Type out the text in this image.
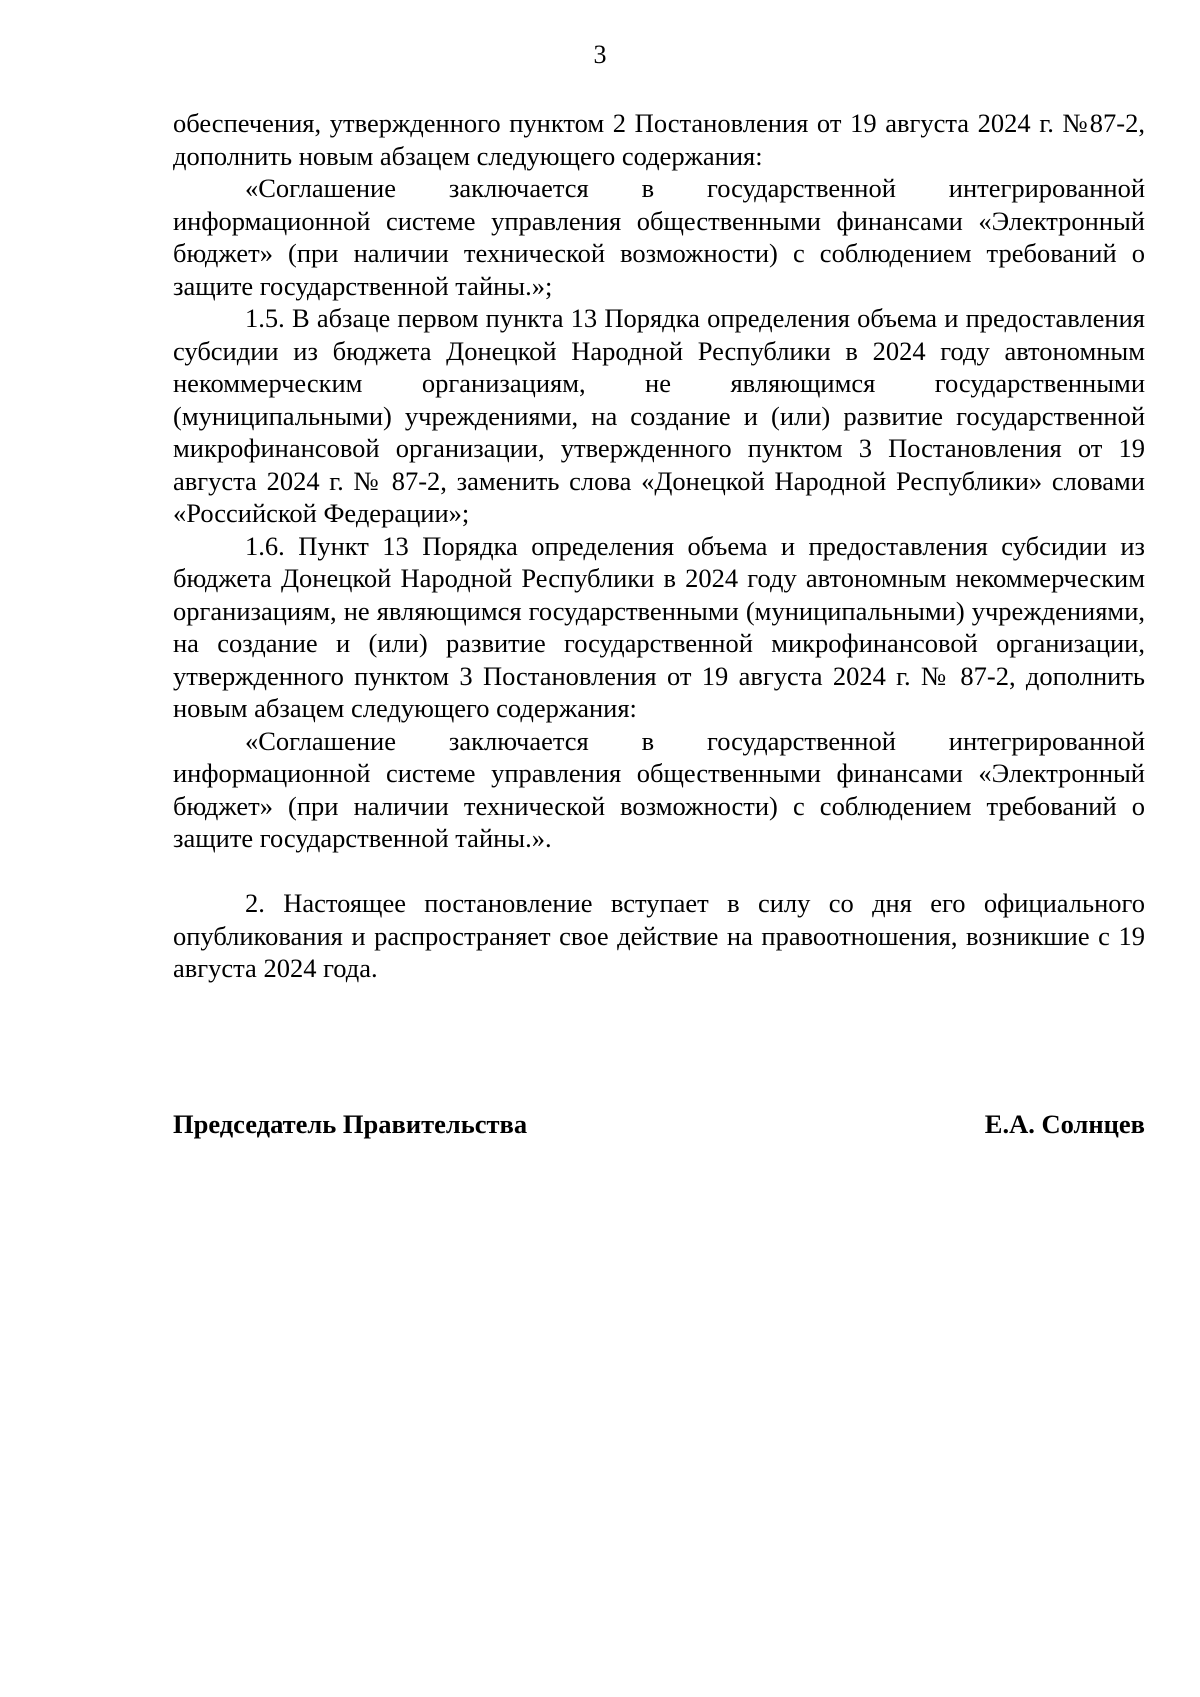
3

обеспечения, утвержденного пунктом 2 Постановления от 19 августа 2024 г. №87-2, дополнить новым абзацем следующего содержания:

«Соглашение заключается в государственной интегрированной информационной системе управления общественными финансами «Электронный бюджет» (при наличии технической возможности) с соблюдением требований о защите государственной тайны.»;

1.5. В абзаце первом пункта 13 Порядка определения объема и предоставления субсидии из бюджета Донецкой Народной Республики в 2024 году автономным некоммерческим организациям, не являющимся государственными (муниципальными) учреждениями, на создание и (или) развитие государственной микрофинансовой организации, утвержденного пунктом 3 Постановления от 19 августа 2024 г. № 87-2, заменить слова «Донецкой Народной Республики» словами «Российской Федерации»;

1.6. Пункт 13 Порядка определения объема и предоставления субсидии из бюджета Донецкой Народной Республики в 2024 году автономным некоммерческим организациям, не являющимся государственными (муниципальными) учреждениями, на создание и (или) развитие государственной микрофинансовой организации, утвержденного пунктом 3 Постановления от 19 августа 2024 г. № 87-2, дополнить новым абзацем следующего содержания:

«Соглашение заключается в государственной интегрированной информационной системе управления общественными финансами «Электронный бюджет» (при наличии технической возможности) с соблюдением требований о защите государственной тайны.».

2. Настоящее постановление вступает в силу со дня его официального опубликования и распространяет свое действие на правоотношения, возникшие с 19 августа 2024 года.

Председатель Правительства	Е.А. Солнцев
